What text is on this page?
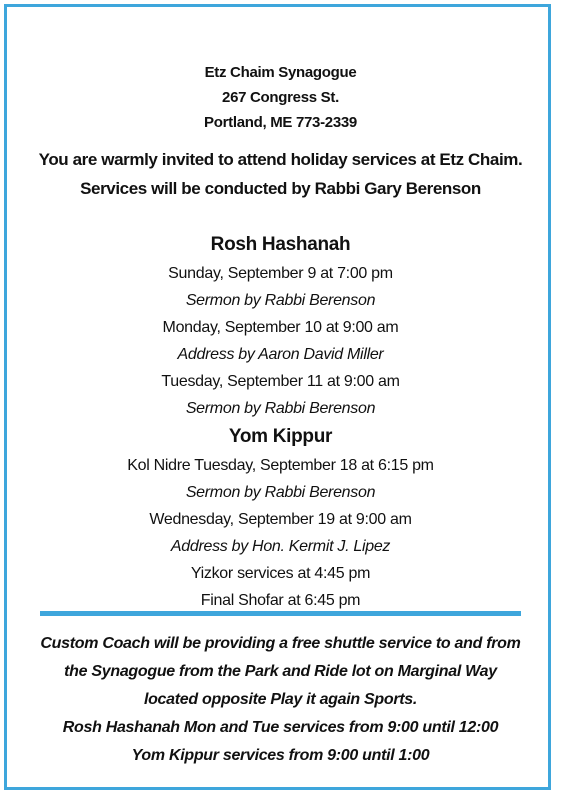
Etz Chaim Synagogue
267 Congress St.
Portland, ME 773-2339
You are warmly invited to attend holiday services at Etz Chaim.
Services will be conducted by Rabbi Gary Berenson
Rosh Hashanah
Sunday, September 9 at 7:00 pm
Sermon by Rabbi Berenson
Monday, September 10 at 9:00 am
Address by Aaron David Miller
Tuesday, September 11 at 9:00 am
Sermon by Rabbi Berenson
Yom Kippur
Kol Nidre Tuesday, September 18 at 6:15 pm
Sermon by Rabbi Berenson
Wednesday, September 19 at 9:00 am
Address by Hon. Kermit J. Lipez
Yizkor services at 4:45 pm
Final Shofar at 6:45 pm
Custom Coach will be providing a free shuttle service to and from
the Synagogue from the Park and Ride lot on Marginal Way
located opposite Play it again Sports.
Rosh Hashanah Mon and Tue services from 9:00 until 12:00
Yom Kippur services from 9:00 until 1:00
